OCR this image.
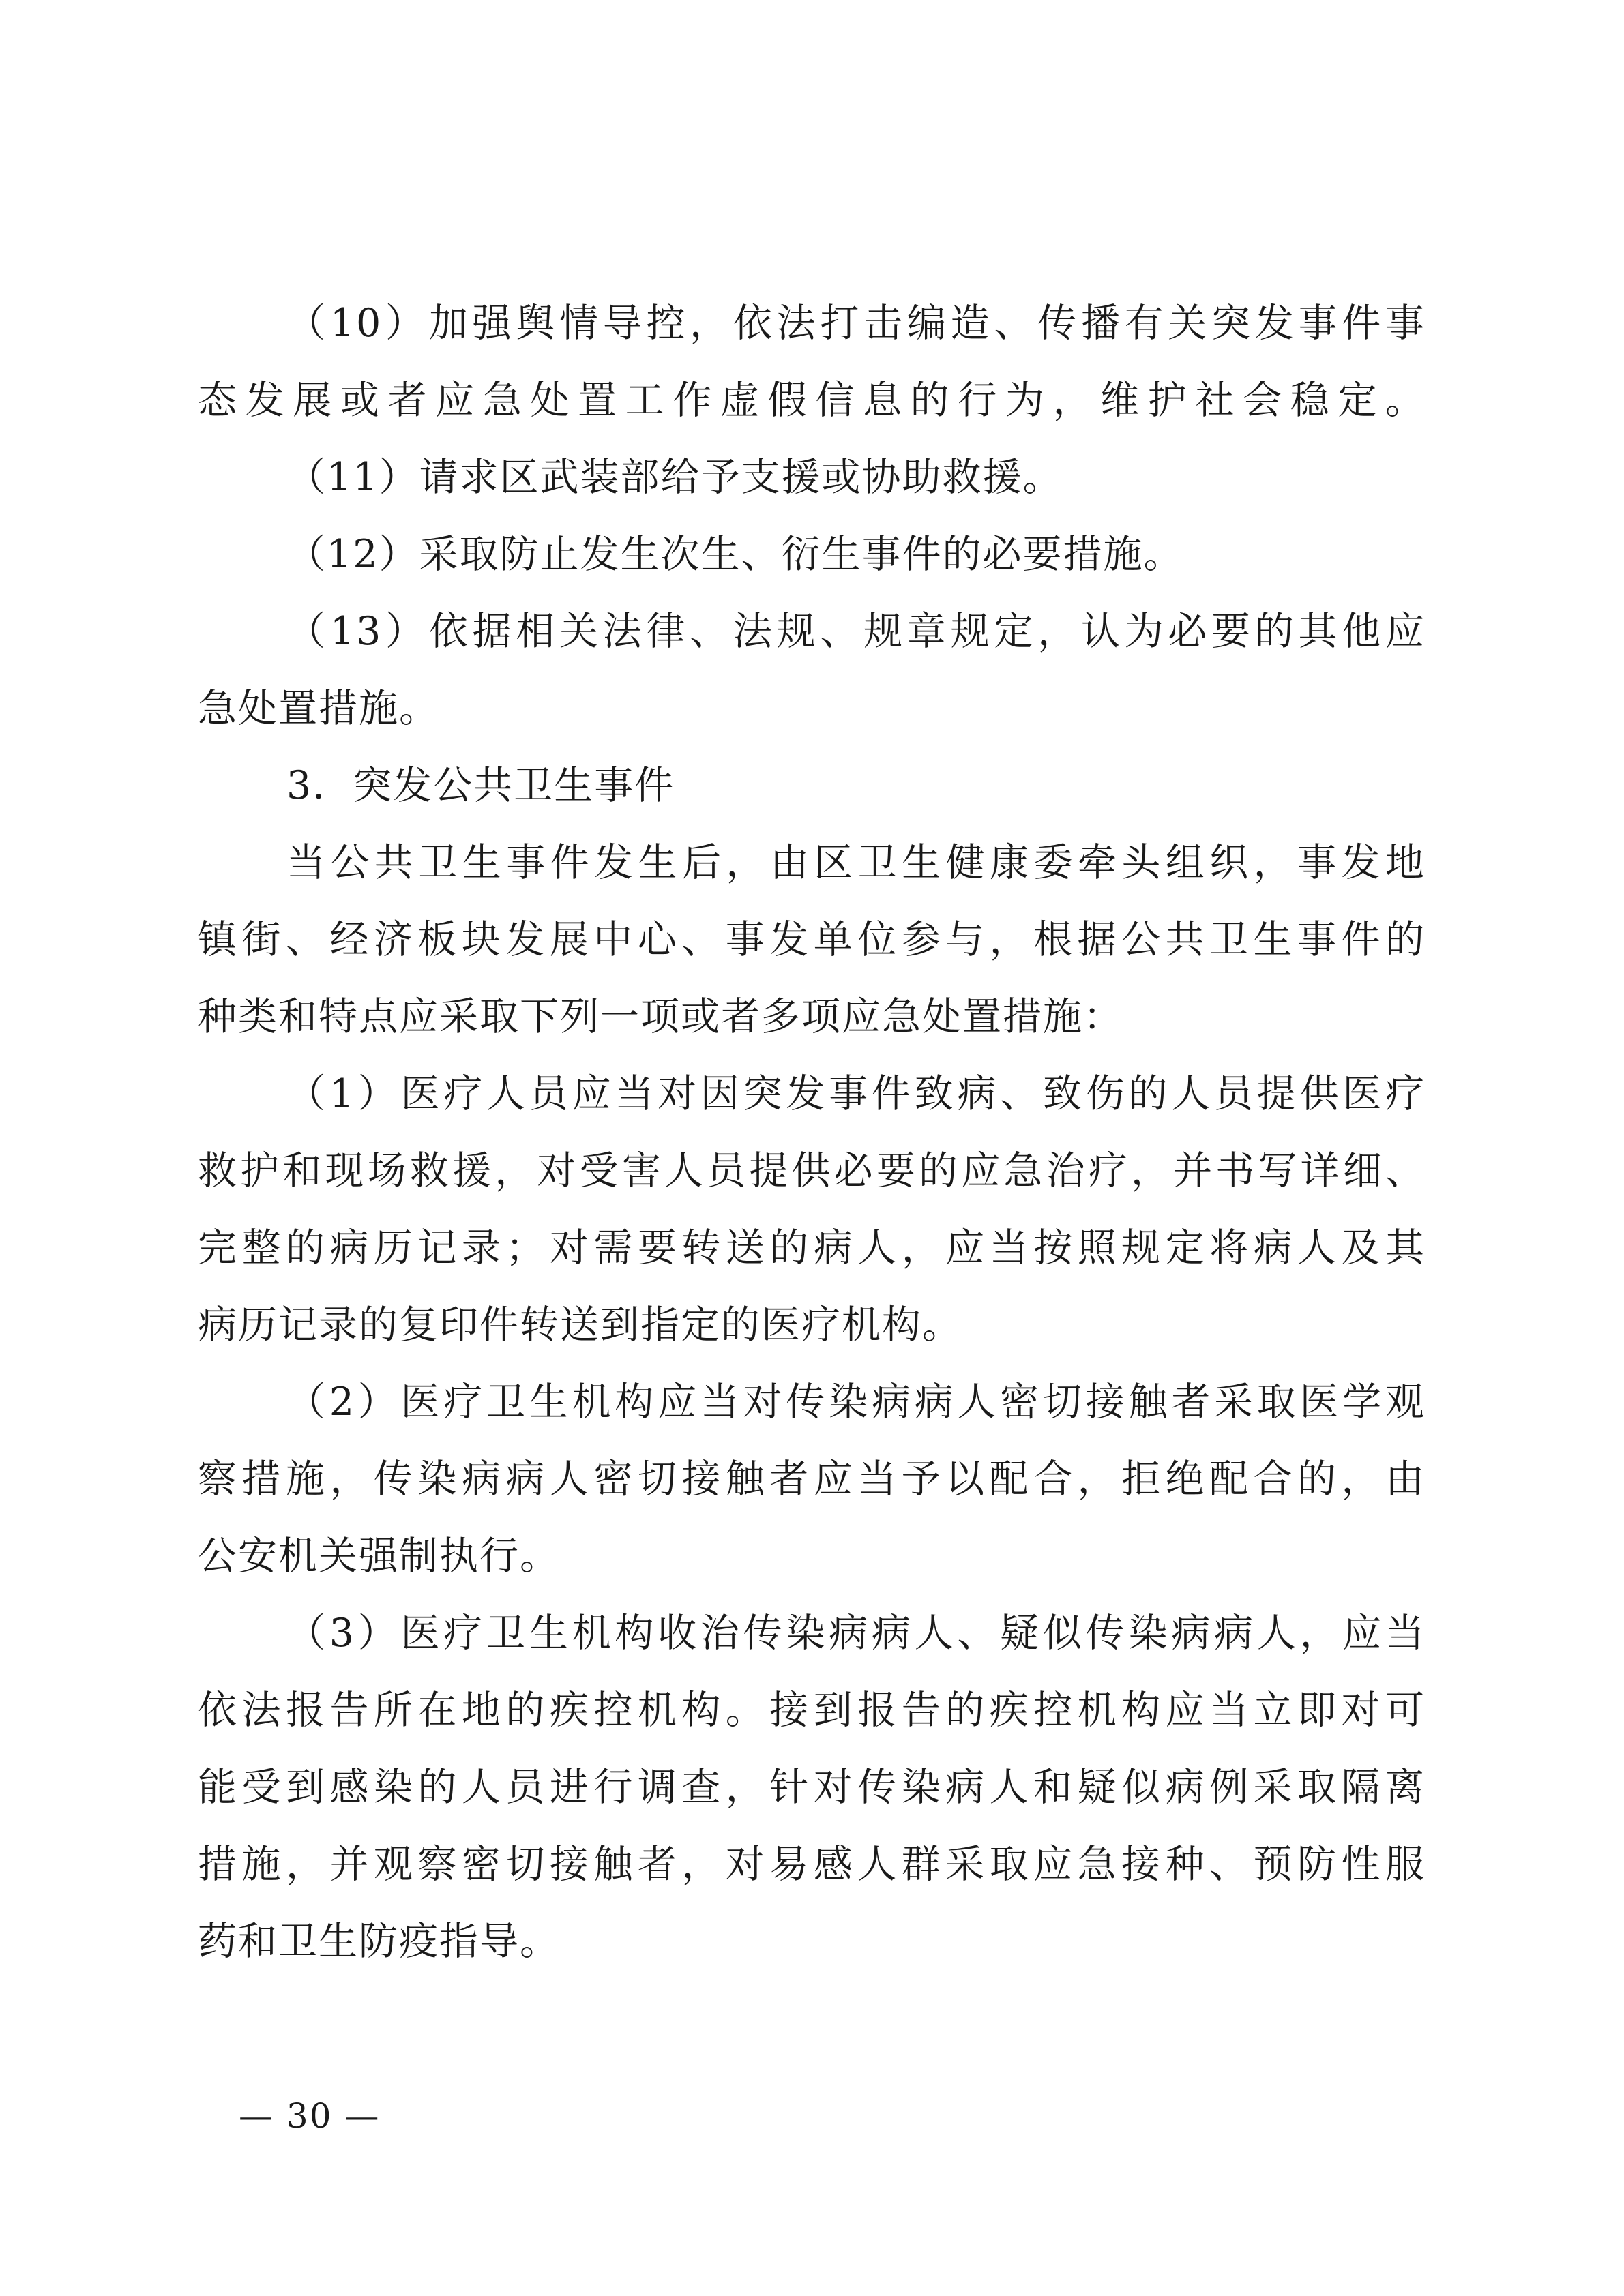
（10）加强舆情导控，依法打击编造、传播有关突发事件事
态发展或者应急处置工作虚假信息的行为，维护社会稳定。
（11）请求区武装部给予支援或协助救援。
（12）采取防止发生次生、衍生事件的必要措施。
（13）依据相关法律、法规、规章规定，认为必要的其他应
急处置措施。
3．突发公共卫生事件
当公共卫生事件发生后，由区卫生健康委牵头组织，事发地
镇街、经济板块发展中心、事发单位参与，根据公共卫生事件的
种类和特点应采取下列一项或者多项应急处置措施：
（1）医疗人员应当对因突发事件致病、致伤的人员提供医疗
救护和现场救援，对受害人员提供必要的应急治疗，并书写详细、
完整的病历记录；对需要转送的病人，应当按照规定将病人及其
病历记录的复印件转送到指定的医疗机构。
（2）医疗卫生机构应当对传染病病人密切接触者采取医学观
察措施，传染病病人密切接触者应当予以配合，拒绝配合的，由
公安机关强制执行。
（3）医疗卫生机构收治传染病病人、疑似传染病病人，应当
依法报告所在地的疾控机构。接到报告的疾控机构应当立即对可
能受到感染的人员进行调查，针对传染病人和疑似病例采取隔离
措施，并观察密切接触者，对易感人群采取应急接种、预防性服
药和卫生防疫指导。
— 30 —
